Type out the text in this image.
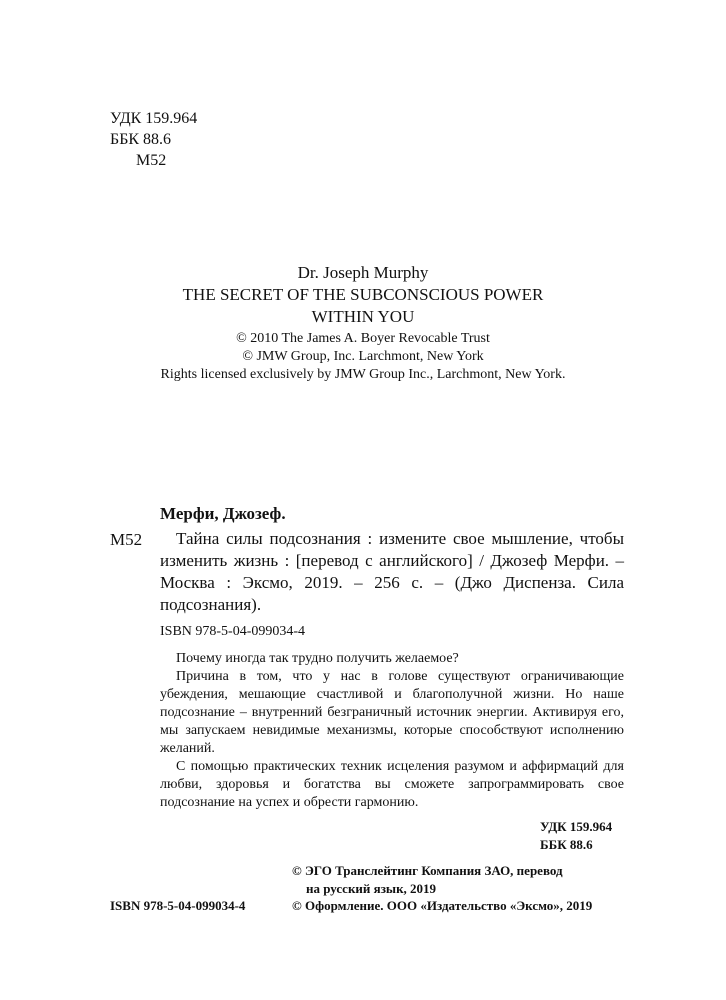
УДК 159.964
ББК 88.6
М52
Dr. Joseph Murphy
THE SECRET OF THE SUBCONSCIOUS POWER
WITHIN YOU
© 2010 The James A. Boyer Revocable Trust
© JMW Group, Inc. Larchmont, New York
Rights licensed exclusively by JMW Group Inc., Larchmont, New York.
Мерфи, Джозеф.
М52	Тайна силы подсознания : измените свое мышление, чтобы изменить жизнь : [перевод с английского] / Джозеф Мерфи. – Москва : Эксмо, 2019. – 256 с. – (Джо Диспенза. Сила подсознания).
ISBN 978-5-04-099034-4

Почему иногда так трудно получить желаемое?

Причина в том, что у нас в голове существуют ограничивающие убеждения, мешающие счастливой и благополучной жизни. Но наше подсознание – внутренний безграничный источник энергии. Активируя его, мы запускаем невидимые механизмы, которые способствуют исполнению желаний.

С помощью практических техник исцеления разумом и аффирмаций для любви, здоровья и богатства вы сможете запрограммировать свое подсознание на успех и обрести гармонию.

УДК 159.964
ББК 88.6
© ЭГО Транслейтинг Компания ЗАО, перевод
на русский язык, 2019
ISBN 978-5-04-099034-4	© Оформление. ООО «Издательство «Эксмо», 2019
